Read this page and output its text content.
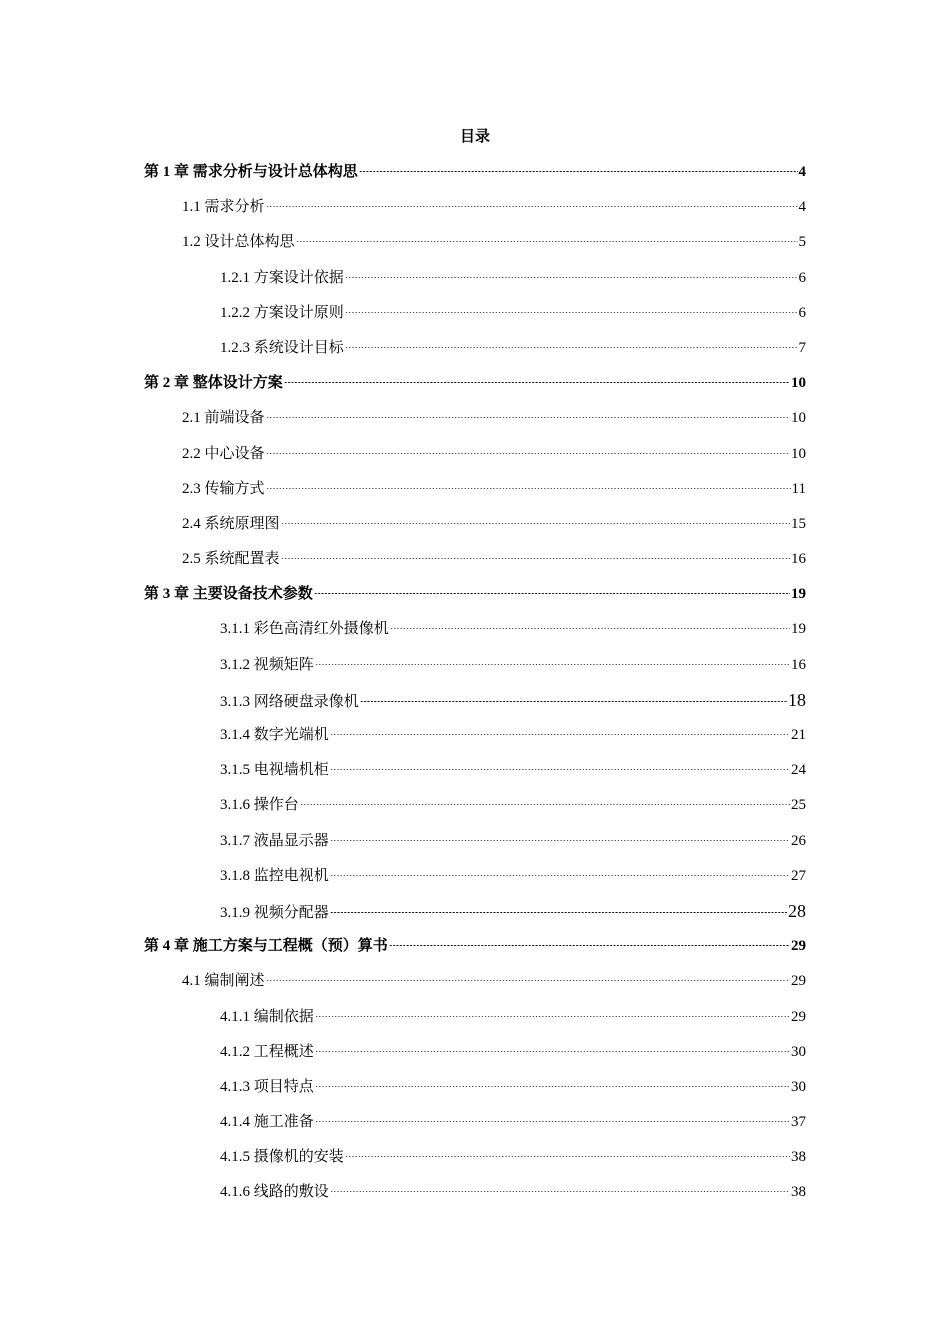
目录
第 1 章 需求分析与设计总体构思	4
1.1 需求分析	4
1.2 设计总体构思	5
1.2.1 方案设计依据	6
1.2.2 方案设计原则	6
1.2.3 系统设计目标	7
第 2 章 整体设计方案	10
2.1 前端设备	10
2.2 中心设备	10
2.3 传输方式	11
2.4 系统原理图	15
2.5 系统配置表	16
第 3 章 主要设备技术参数	19
3.1.1 彩色高清红外摄像机	19
3.1.2 视频矩阵	16
3.1.3 网络硬盘录像机	18
3.1.4 数字光端机	21
3.1.5 电视墙机柜	24
3.1.6 操作台	25
3.1.7 液晶显示器	26
3.1.8 监控电视机	27
3.1.9 视频分配器	28
第 4 章 施工方案与工程概（预）算书	29
4.1 编制阐述	29
4.1.1 编制依据	29
4.1.2 工程概述	30
4.1.3 项目特点	30
4.1.4 施工准备	37
4.1.5 摄像机的安装	38
4.1.6 线路的敷设	38
